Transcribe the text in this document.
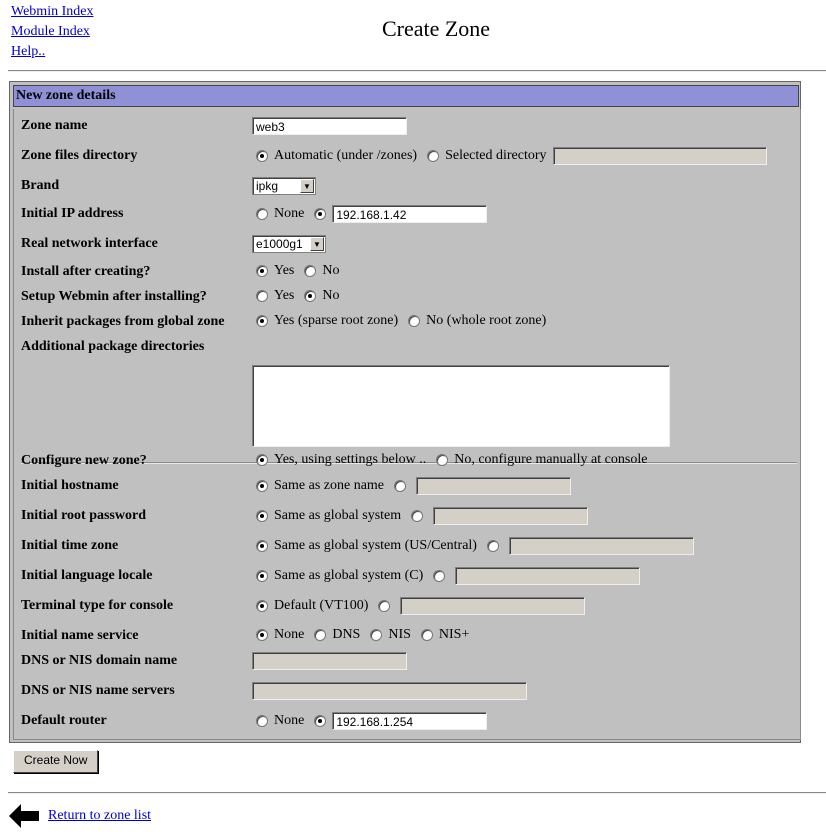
Webmin Index
Module Index
Help..
Create Zone
New zone details
Zone name	web3
Zone files directory	Automatic (under /zones) Selected directory
Brand	ipkg	▼
Initial IP address	None	192.168.1.42
Real network interface	e1000g1	▼
Install after creating?	Yes No
Setup Webmin after installing?	Yes No
Inherit packages from global zone	Yes (sparse root zone) No (whole root zone)
Additional package directories
Configure new zone?	Yes, using settings below .. No, configure manually at console
Initial hostname	Same as zone name
Initial root password	Same as global system
Initial time zone	Same as global system (US/Central)
Initial language locale	Same as global system (C)
Terminal type for console	Default (VT100)
Initial name service	None DNS NIS NIS+
DNS or NIS domain name
DNS or NIS name servers
Default router	None	192.168.1.254
Create Now
Return to zone list
